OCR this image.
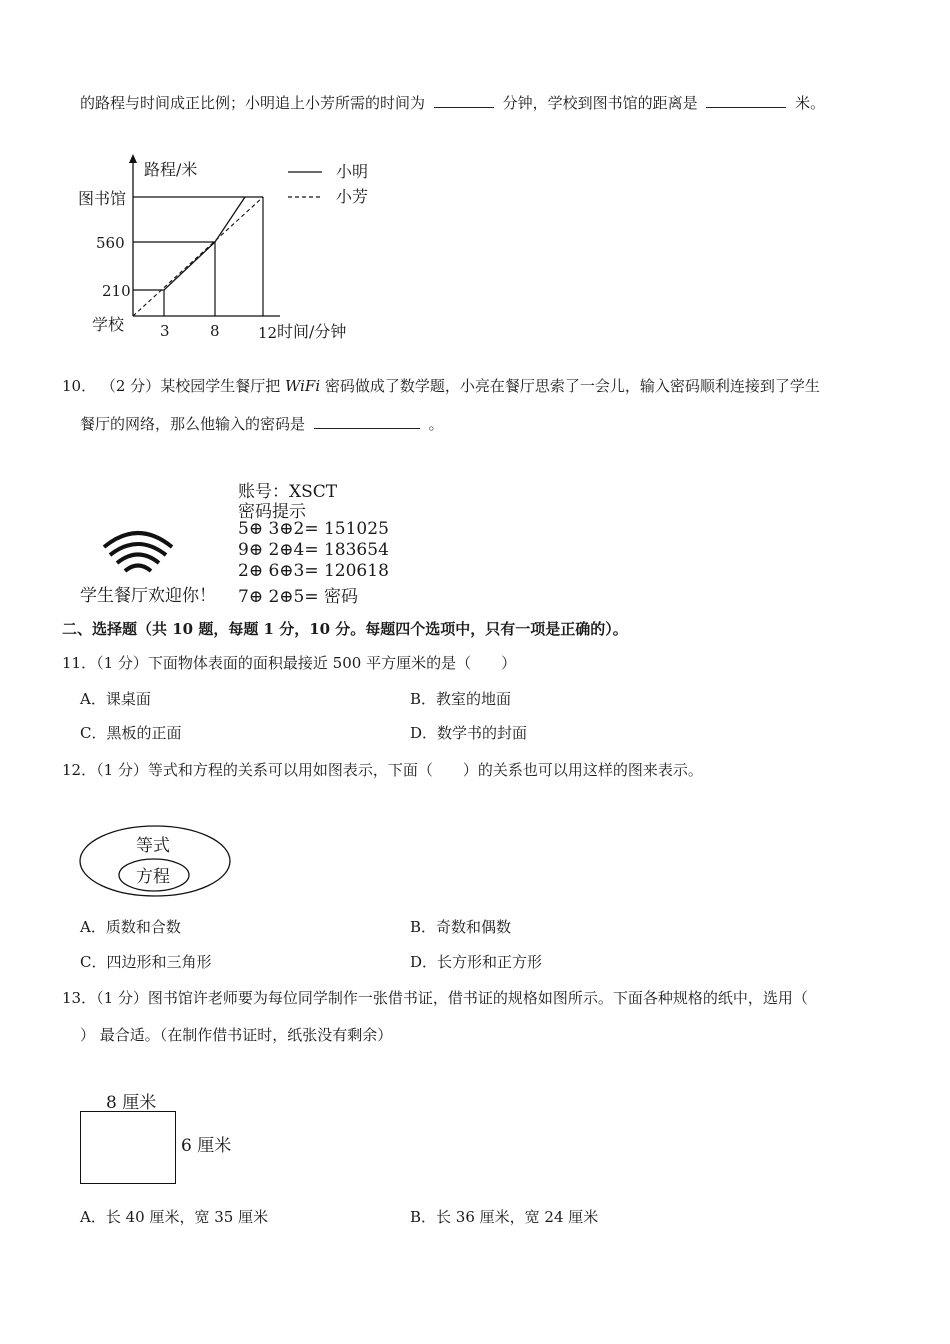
的路程与时间成正比例；小明追上小芳所需的时间为	分钟，学校到图书馆的距离是	米。
路程/米
图书馆
560
210
学校 3	8	12 时间/分钟
小明
小芳
10． （2 分）某校园学生餐厅把 WiFi 密码做成了数学题，小亮在餐厅思索了一会儿，输入密码顺利连接到了学生
餐厅的网络，那么他输入的密码是	。
学生餐厅欢迎你！
账号：XSCT
密码提示
5⊕ 3⊕2= 151025
9⊕ 2⊕4= 183654
2⊕ 6⊕3= 120618
7⊕ 2⊕5= 密码
二、选择题（共 10 题，每题 1 分，10 分。每题四个选项中，只有一项是正确的）。
11．（1 分）下面物体表面的面积最接近 500 平方厘米的是（　　）
A．课桌面	B．教室的地面
C．黑板的正面	D．数学书的封面
12．（1 分）等式和方程的关系可以用如图表示，下面（　　）的关系也可以用这样的图来表示。
等式
方程
A．质数和合数	B．奇数和偶数
C．四边形和三角形	D．长方形和正方形
13．（1 分）图书馆许老师要为每位同学制作一张借书证，借书证的规格如图所示。下面各种规格的纸中，选用（
） 最合适。（在制作借书证时，纸张没有剩余）
8 厘米
6 厘米
A．长 40 厘米，宽 35 厘米	B．长 36 厘米，宽 24 厘米
